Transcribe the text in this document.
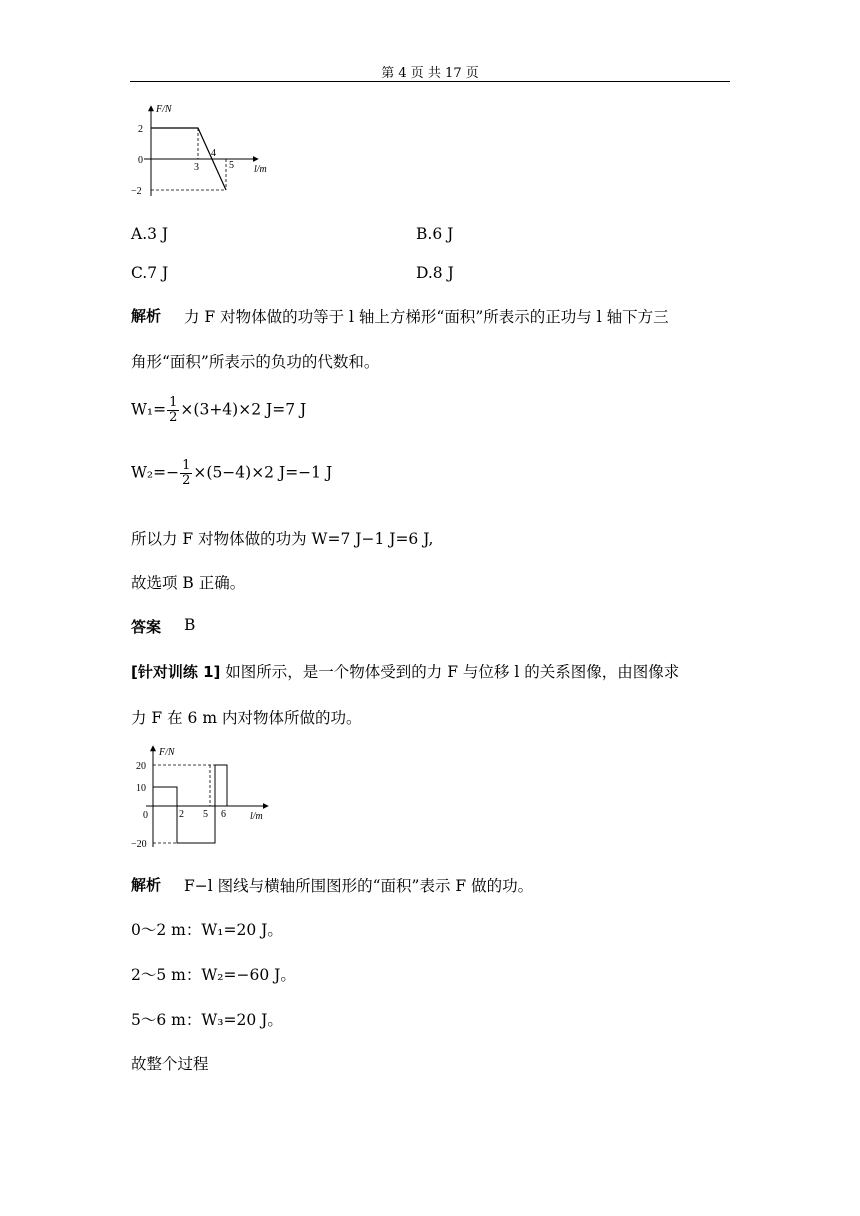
第 4 页 共 17 页
F/N
l/m
2
0
−2
3
4
5
A.3 J	B.6 J
C.7 J	D.8 J
解析 力 F 对物体做的功等于 l 轴上方梯形“面积”所表示的正功与 l 轴下方三
角形“面积”所表示的负功的代数和。
$W_1= \frac{1}{2} \times(3+4)\times 2$ J=7 J
$W_2=- \frac{1}{2} \times(5-4)\times 2$ J=−1 J
所以力 F 对物体做的功为 W=7 J−1 J=6 J,
故选项 B 正确。
答案 B
[针对训练 1] 如图所示，是一个物体受到的力 F 与位移 l 的关系图像，由图像求
力 F 在 6 m 内对物体所做的功。
F/N
l/m
20
10
0
−20
2 5 6
解析 F−l 图线与横轴所围图形的“面积”表示 F 做的功。
0～2 m：W₁=20 J。
2～5 m：W₂=−60 J。
5～6 m：W₃=20 J。
故整个过程
